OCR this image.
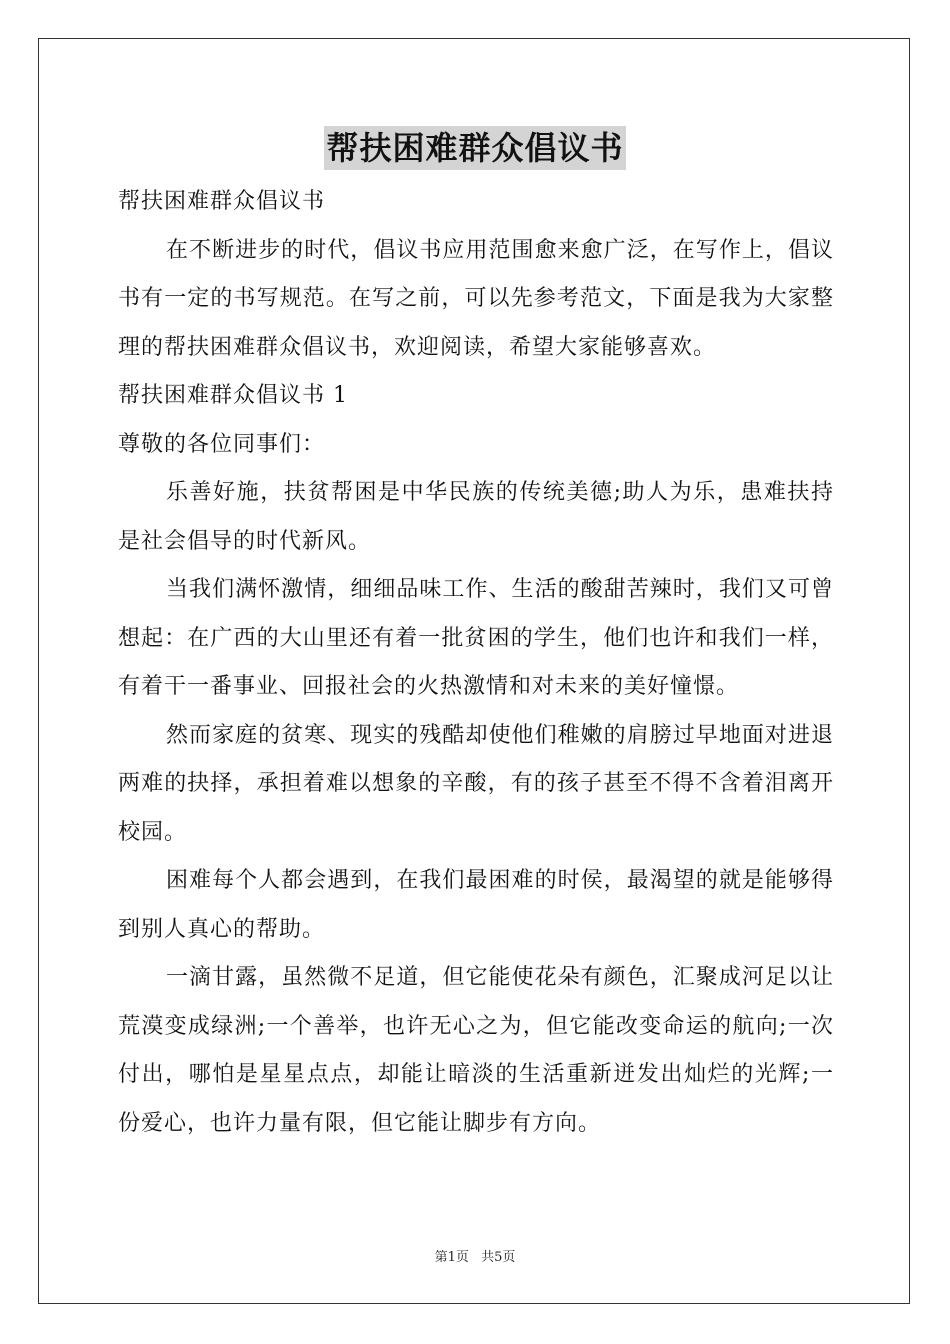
帮扶困难群众倡议书

帮扶困难群众倡议书

在不断进步的时代，倡议书应用范围愈来愈广泛，在写作上，倡议书有一定的书写规范。在写之前，可以先参考范文，下面是我为大家整理的帮扶困难群众倡议书，欢迎阅读，希望大家能够喜欢。

帮扶困难群众倡议书 1

尊敬的各位同事们：

乐善好施，扶贫帮困是中华民族的传统美德;助人为乐，患难扶持是社会倡导的时代新风。

当我们满怀激情，细细品味工作、生活的酸甜苦辣时，我们又可曾想起：在广西的大山里还有着一批贫困的学生，他们也许和我们一样，有着干一番事业、回报社会的火热激情和对未来的美好憧憬。

然而家庭的贫寒、现实的残酷却使他们稚嫩的肩膀过早地面对进退两难的抉择，承担着难以想象的辛酸，有的孩子甚至不得不含着泪离开校园。

困难每个人都会遇到，在我们最困难的时侯，最渴望的就是能够得到别人真心的帮助。

一滴甘露，虽然微不足道，但它能使花朵有颜色，汇聚成河足以让荒漠变成绿洲;一个善举，也许无心之为，但它能改变命运的航向;一次付出，哪怕是星星点点，却能让暗淡的生活重新迸发出灿烂的光辉;一份爱心，也许力量有限，但它能让脚步有方向。

第1页 共5页
